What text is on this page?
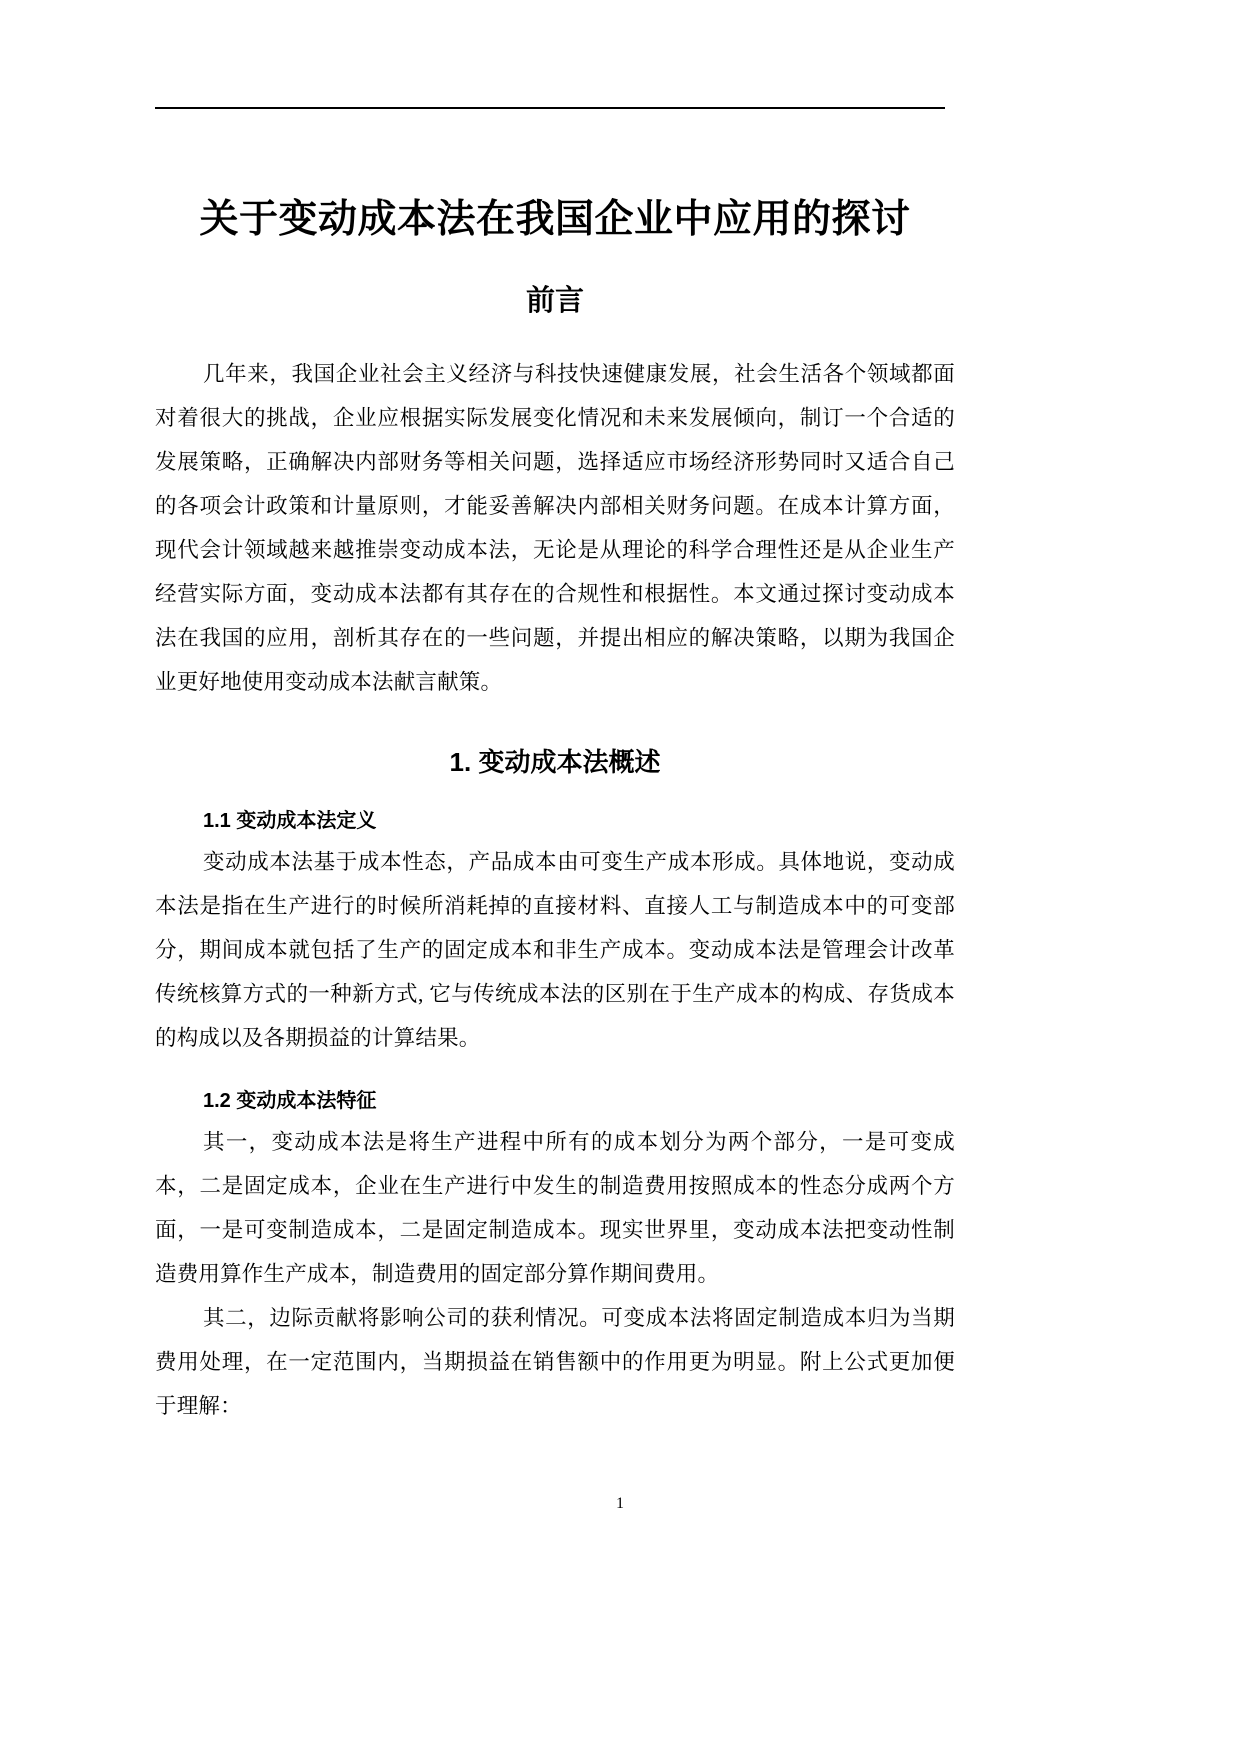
关于变动成本法在我国企业中应用的探讨
前言

几年来，我国企业社会主义经济与科技快速健康发展，社会生活各个领域都面对着很大的挑战，企业应根据实际发展变化情况和未来发展倾向，制订一个合适的发展策略，正确解决内部财务等相关问题，选择适应市场经济形势同时又适合自己的各项会计政策和计量原则，才能妥善解决内部相关财务问题。在成本计算方面，现代会计领域越来越推崇变动成本法，无论是从理论的科学合理性还是从企业生产经营实际方面，变动成本法都有其存在的合规性和根据性。本文通过探讨变动成本法在我国的应用，剖析其存在的一些问题，并提出相应的解决策略，以期为我国企业更好地使用变动成本法献言献策。

1. 变动成本法概述
1.1 变动成本法定义

变动成本法基于成本性态，产品成本由可变生产成本形成。具体地说，变动成本法是指在生产进行的时候所消耗掉的直接材料、直接人工与制造成本中的可变部分，期间成本就包括了生产的固定成本和非生产成本。变动成本法是管理会计改革传统核算方式的一种新方式, 它与传统成本法的区别在于生产成本的构成、存货成本的构成以及各期损益的计算结果。

1.2 变动成本法特征

其一，变动成本法是将生产进程中所有的成本划分为两个部分，一是可变成本，二是固定成本，企业在生产进行中发生的制造费用按照成本的性态分成两个方面，一是可变制造成本，二是固定制造成本。现实世界里，变动成本法把变动性制造费用算作生产成本，制造费用的固定部分算作期间费用。

其二，边际贡献将影响公司的获利情况。可变成本法将固定制造成本归为当期费用处理，在一定范围内，当期损益在销售额中的作用更为明显。附上公式更加便于理解：

1
